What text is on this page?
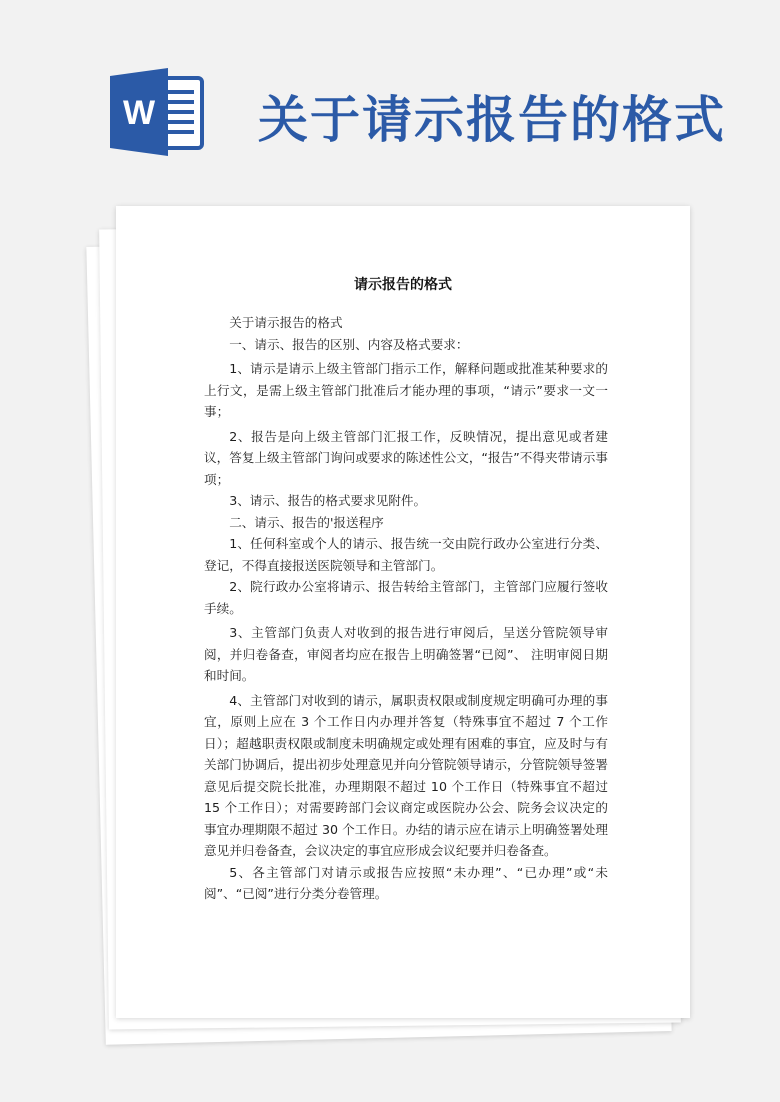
W 关于请示报告的格式
请示报告的格式

关于请示报告的格式

一、请示、报告的区别、内容及格式要求：

1、请示是请示上级主管部门指示工作，解释问题或批准某种要求的上行文，是需上级主管部门批准后才能办理的事项，“请示”要求一文一事；

2、报告是向上级主管部门汇报工作，反映情况，提出意见或者建议，答复上级主管部门询问或要求的陈述性公文，“报告”不得夹带请示事项；

3、请示、报告的格式要求见附件。

二、请示、报告的'报送程序

1、任何科室或个人的请示、报告统一交由院行政办公室进行分类、登记，不得直接报送医院领导和主管部门。

2、院行政办公室将请示、报告转给主管部门，主管部门应履行签收手续。

3、主管部门负责人对收到的报告进行审阅后，呈送分管院领导审阅，并归卷备查，审阅者均应在报告上明确签署“已阅”、 注明审阅日期和时间。

4、主管部门对收到的请示，属职责权限或制度规定明确可办理的事宜，原则上应在 3 个工作日内办理并答复（特殊事宜不超过 7 个工作日）；超越职责权限或制度未明确规定或处理有困难的事宜，应及时与有关部门协调后，提出初步处理意见并向分管院领导请示，分管院领导签署意见后提交院长批准，办理期限不超过 10 个工作日（特殊事宜不超过 15 个工作日）；对需要跨部门会议商定或医院办公会、院务会议决定的事宜办理期限不超过 30 个工作日。办结的请示应在请示上明确签署处理意见并归卷备查，会议决定的事宜应形成会议纪要并归卷备查。

5、各主管部门对请示或报告应按照“未办理”、“已办理”或“未阅”、“已阅”进行分类分卷管理。
